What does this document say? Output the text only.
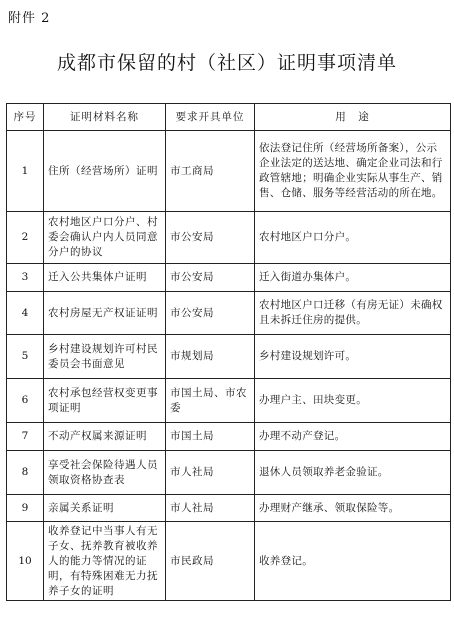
附件 2
成都市保留的村（社区）证明事项清单
序号	证明材料名称	要求开具单位	用　途
1	住所（经营场所）证明	市工商局	依法登记住所（经营场所备案），公示企业法定的送达地、确定企业司法和行政管辖地；明确企业实际从事生产、销售、仓储、服务等经营活动的所在地。
2	农村地区户口分户、村委会确认户内人员同意分户的协议	市公安局	农村地区户口分户。
3	迁入公共集体户证明	市公安局	迁入街道办集体户。
4	农村房屋无产权证证明	市公安局	农村地区户口迁移（有房无证）未确权且未拆迁住房的提供。
5	乡村建设规划许可村民委员会书面意见	市规划局	乡村建设规划许可。
6	农村承包经营权变更事项证明	市国土局、市农委	办理户主、田块变更。
7	不动产权属来源证明	市国土局	办理不动产登记。
8	享受社会保险待遇人员领取资格协查表	市人社局	退休人员领取养老金验证。
9	亲属关系证明	市人社局	办理财产继承、领取保险等。
10	收养登记中当事人有无子女、抚养教育被收养人的能力等情况的证明，有特殊困难无力抚养子女的证明	市民政局	收养登记。
